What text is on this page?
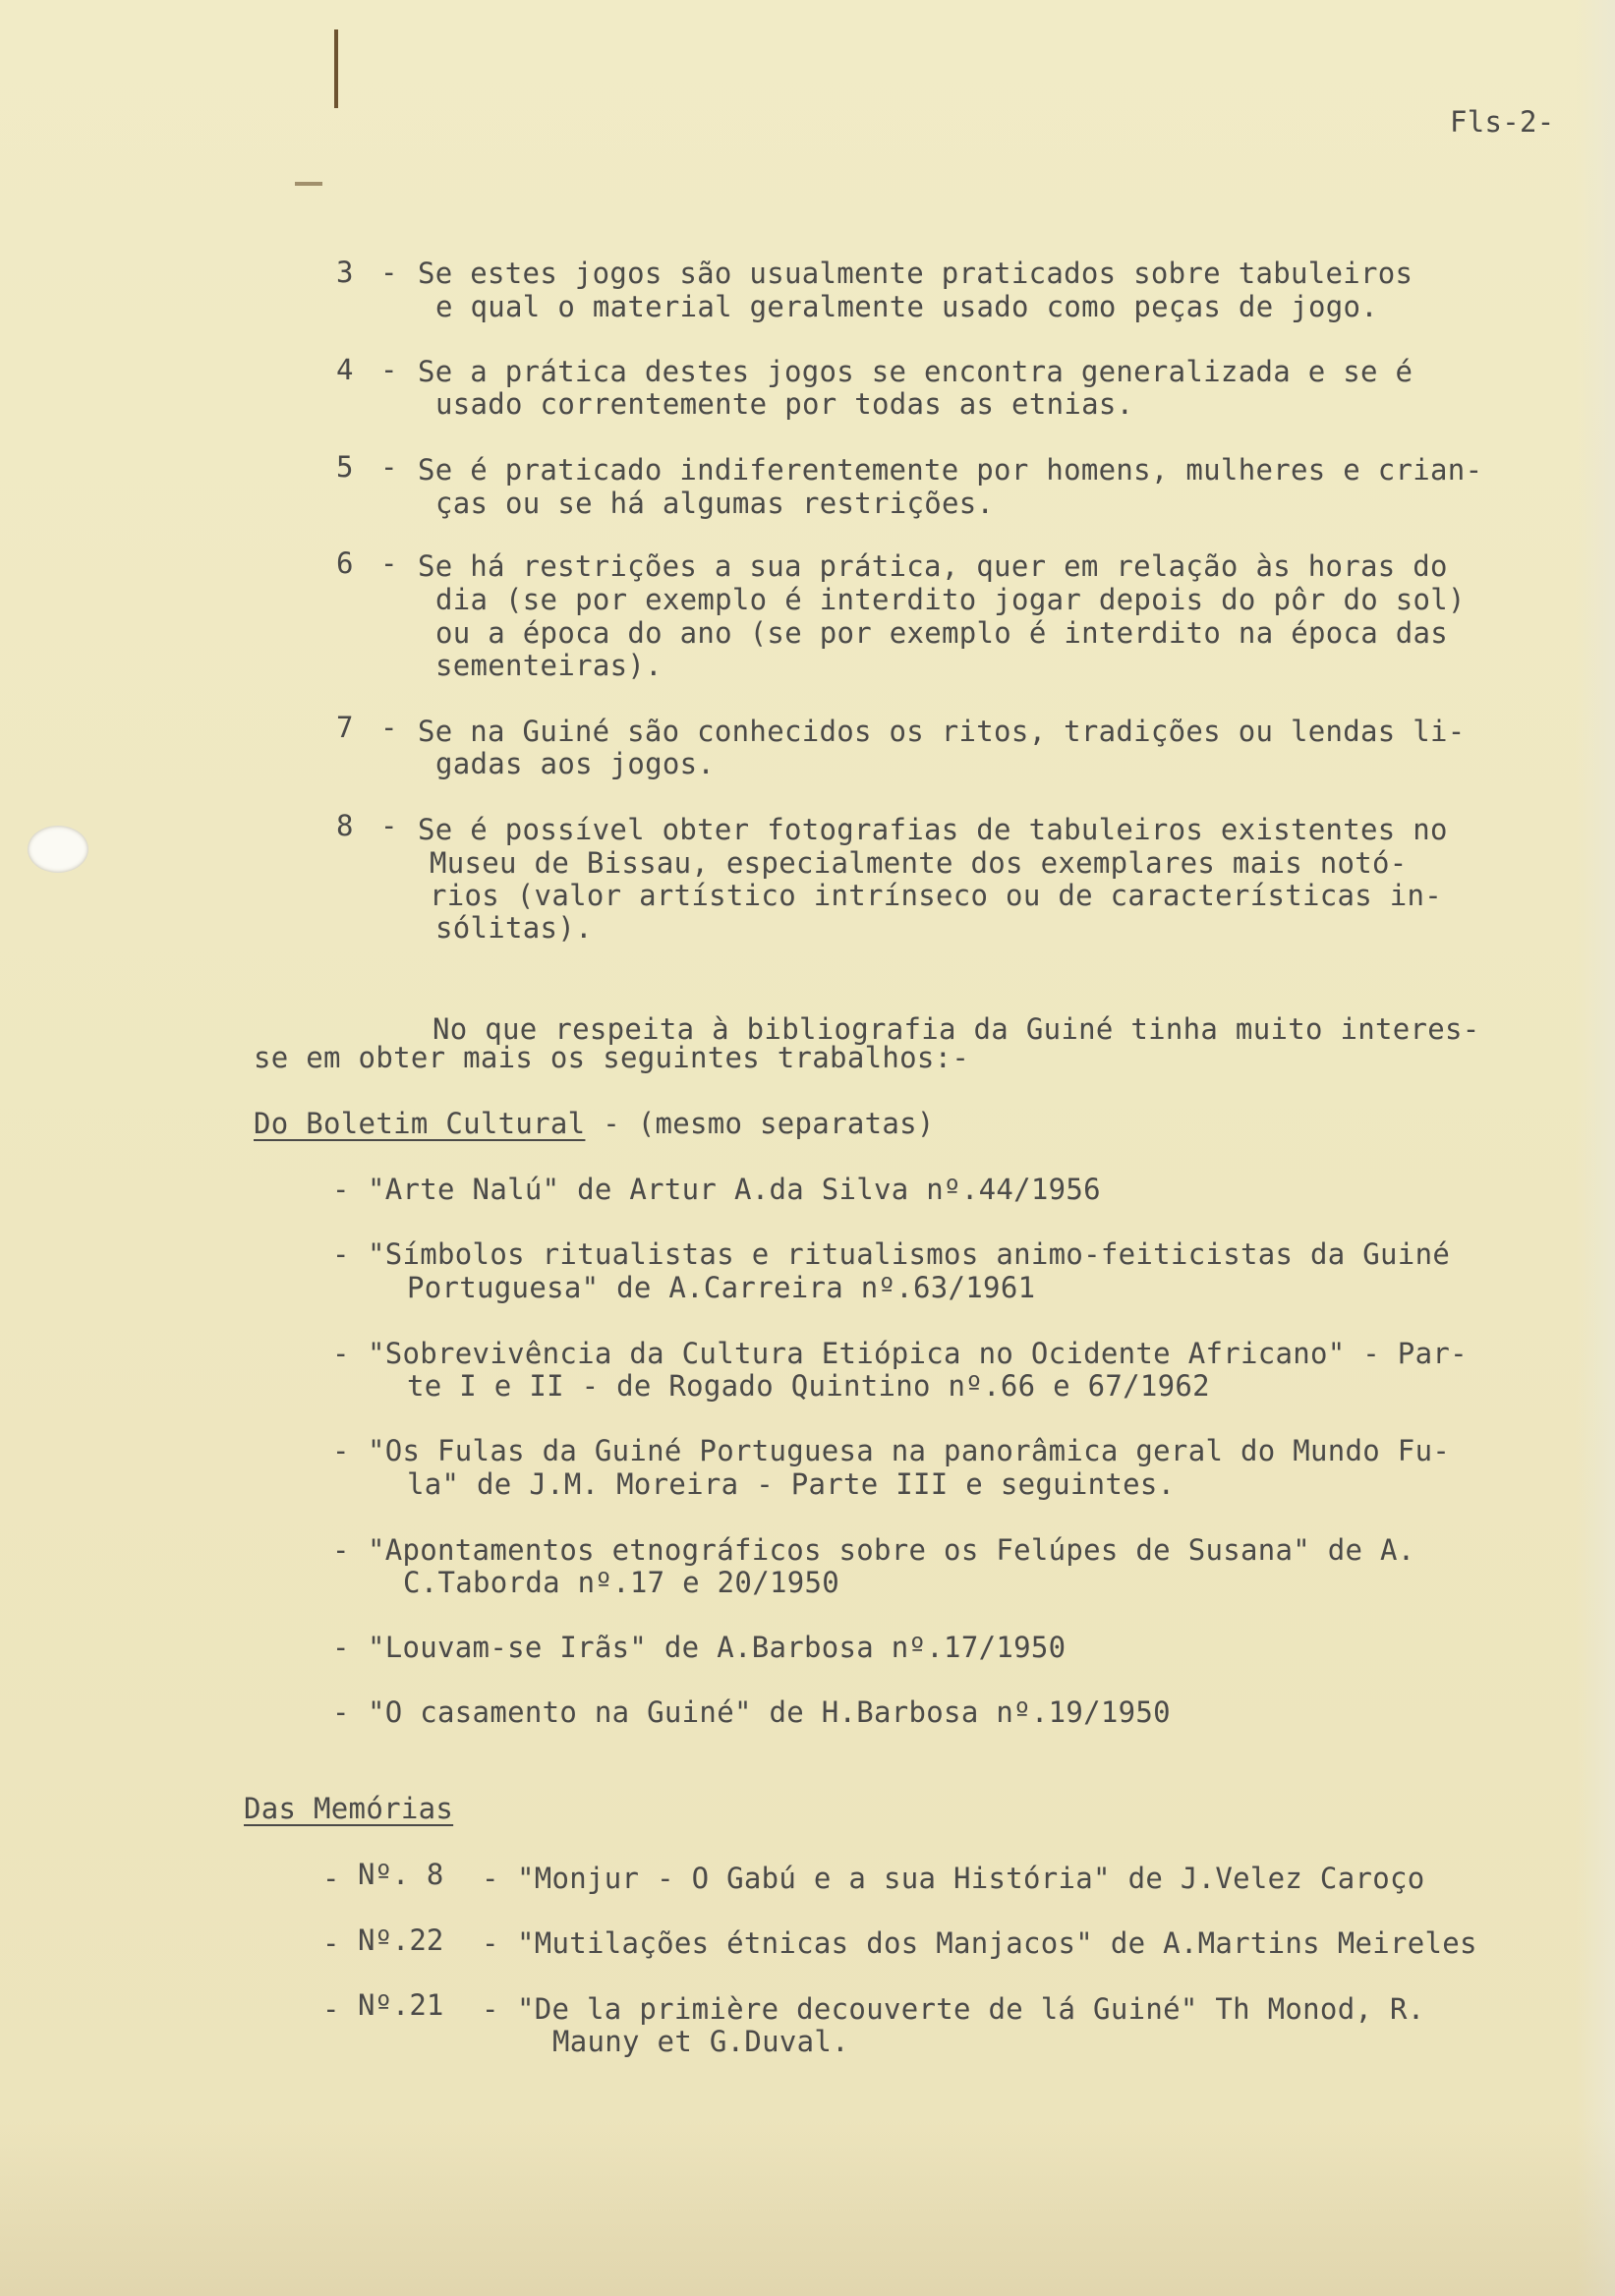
Fls-2-
3 - Se estes jogos são usualmente praticados sobre tabuleiros
e qual o material geralmente usado como peças de jogo.
4 - Se a prática destes jogos se encontra generalizada e se é
usado correntemente por todas as etnias.
5 - Se é praticado indiferentemente por homens, mulheres e crian-
ças ou se há algumas restrições.
6 - Se há restrições a sua prática, quer em relação às horas do
dia (se por exemplo é interdito jogar depois do pôr do sol)
ou a época do ano (se por exemplo é interdito na época das
sementeiras).
7 - Se na Guiné são conhecidos os ritos, tradições ou lendas li-
gadas aos jogos.
8 - Se é possível obter fotografias de tabuleiros existentes no
Museu de Bissau, especialmente dos exemplares mais notó-
rios (valor artístico intrínseco ou de características in-
sólitas).
No que respeita à bibliografia da Guiné tinha muito interes-
se em obter mais os seguintes trabalhos:-
Do Boletim Cultural - (mesmo separatas)
- "Arte Nalú" de Artur A.da Silva nº.44/1956
- "Símbolos ritualistas e ritualismos animo-feiticistas da Guiné
Portuguesa" de A.Carreira nº.63/1961
- "Sobrevivência da Cultura Etiópica no Ocidente Africano" - Par-
te I e II - de Rogado Quintino nº.66 e 67/1962
- "Os Fulas da Guiné Portuguesa na panorâmica geral do Mundo Fu-
la" de J.M. Moreira - Parte III e seguintes.
- "Apontamentos etnográficos sobre os Felúpes de Susana" de A.
C.Taborda nº.17 e 20/1950
- "Louvam-se Irãs" de A.Barbosa nº.17/1950
- "O casamento na Guiné" de H.Barbosa nº.19/1950
Das Memórias
- Nº. 8 - "Monjur - O Gabú e a sua História" de J.Velez Caroço
- Nº.22 - "Mutilações étnicas dos Manjacos" de A.Martins Meireles
- Nº.21 - "De la primière decouverte de lá Guiné" Th Monod, R.
Mauny et G.Duval.
